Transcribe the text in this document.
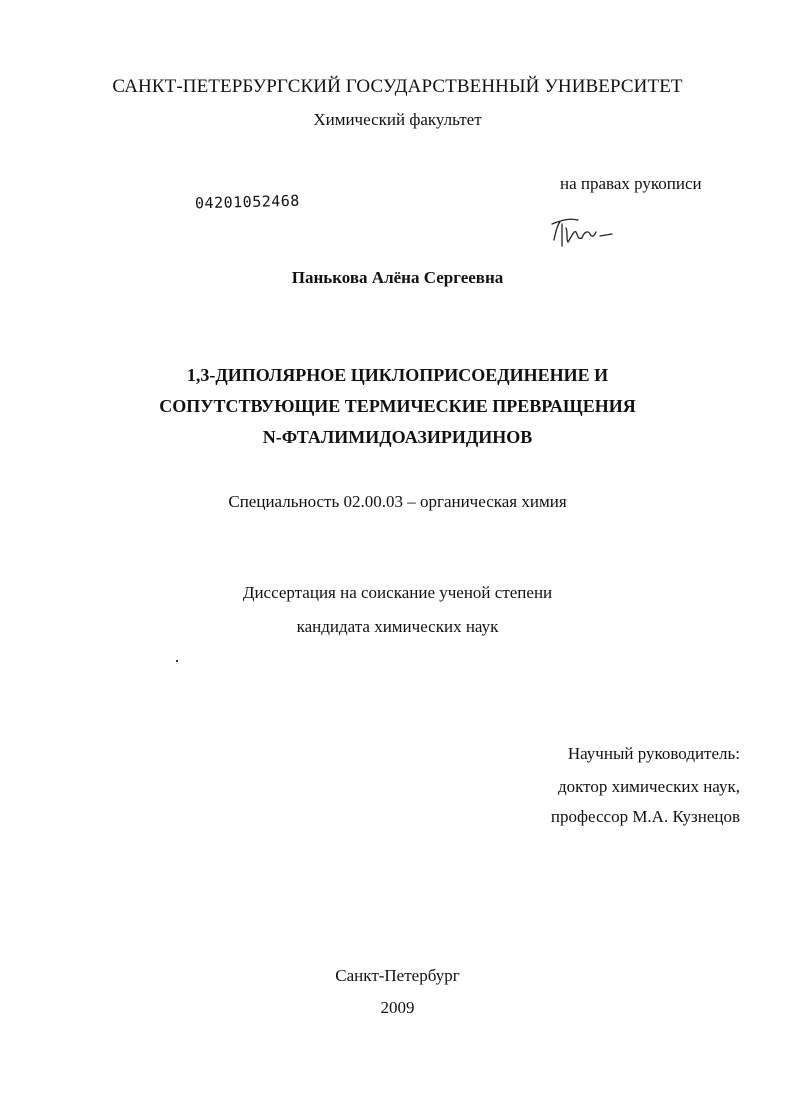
САНКТ-ПЕТЕРБУРГСКИЙ ГОСУДАРСТВЕННЫЙ УНИВЕРСИТЕТ
Химический факультет
на правах рукописи
04201052468
Панькова Алёна Сергеевна
1,3-ДИПОЛЯРНОЕ ЦИКЛОПРИСОЕДИНЕНИЕ И
СОПУТСТВУЮЩИЕ ТЕРМИЧЕСКИЕ ПРЕВРАЩЕНИЯ
N-ФТАЛИМИДОАЗИРИДИНОВ
Специальность 02.00.03 – органическая химия
Диссертация на соискание ученой степени
кандидата химических наук
Научный руководитель:
доктор химических наук,
профессор М.А. Кузнецов
Санкт-Петербург
2009
